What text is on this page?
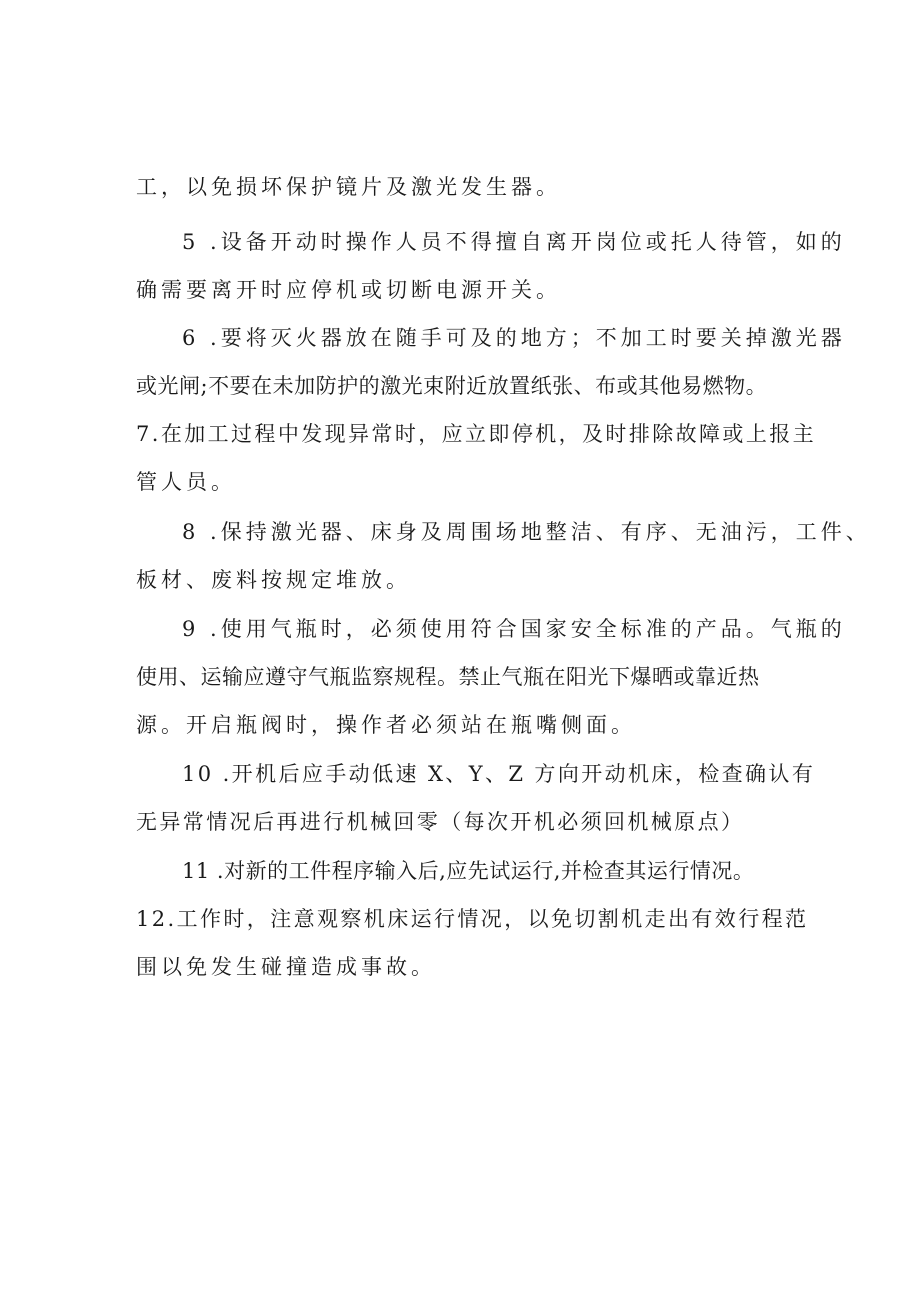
工，以免损坏保护镜片及激光发生器。
5 .设备开动时操作人员不得擅自离开岗位或托人待管，如的
确需要离开时应停机或切断电源开关。
6 .要将灭火器放在随手可及的地方；不加工时要关掉激光器
或光闸;不要在未加防护的激光束附近放置纸张、布或其他易燃物。
7.在加工过程中发现异常时，应立即停机，及时排除故障或上报主
管人员。
8 .保持激光器、床身及周围场地整洁、有序、无油污，工件、
板材、废料按规定堆放。
9 .使用气瓶时，必须使用符合国家安全标准的产品。气瓶的
使用、运输应遵守气瓶监察规程。禁止气瓶在阳光下爆晒或靠近热
源。开启瓶阀时，操作者必须站在瓶嘴侧面。
10 .开机后应手动低速 X、Y、Z 方向开动机床，检查确认有
无异常情况后再进行机械回零（每次开机必须回机械原点）
11 .对新的工件程序输入后,应先试运行,并检查其运行情况。
12.工作时，注意观察机床运行情况，以免切割机走出有效行程范
围以免发生碰撞造成事故。
